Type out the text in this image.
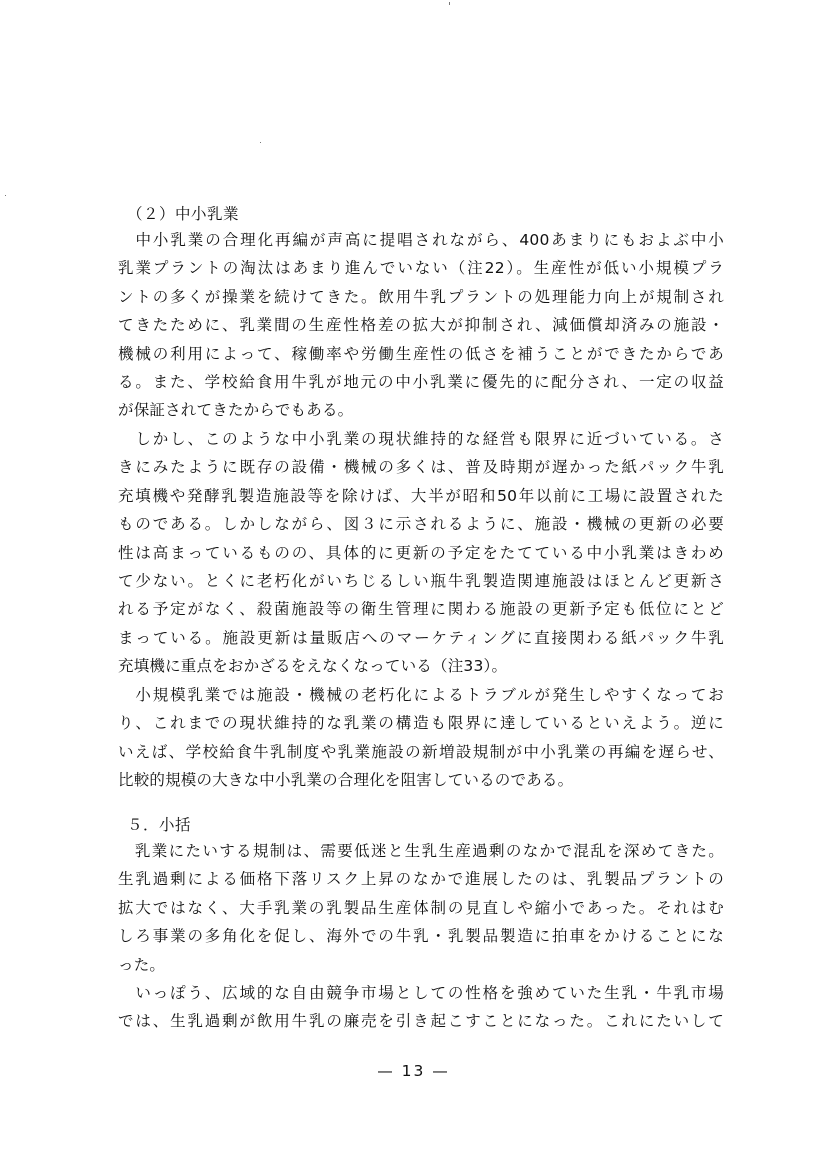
（２）中小乳業
　中小乳業の合理化再編が声高に提唱されながら、400あまりにもおよぶ中小
乳業プラントの淘汰はあまり進んでいない（注22）。生産性が低い小規模プラ
ントの多くが操業を続けてきた。飲用牛乳プラントの処理能力向上が規制され
てきたために、乳業間の生産性格差の拡大が抑制され、減価償却済みの施設・
機械の利用によって、稼働率や労働生産性の低さを補うことができたからであ
る。また、学校給食用牛乳が地元の中小乳業に優先的に配分され、一定の収益
が保証されてきたからでもある。
　しかし、このような中小乳業の現状維持的な経営も限界に近づいている。さ
きにみたように既存の設備・機械の多くは、普及時期が遅かった紙パック牛乳
充填機や発酵乳製造施設等を除けば、大半が昭和50年以前に工場に設置された
ものである。しかしながら、図３に示されるように、施設・機械の更新の必要
性は高まっているものの、具体的に更新の予定をたてている中小乳業はきわめ
て少ない。とくに老朽化がいちじるしい瓶牛乳製造関連施設はほとんど更新さ
れる予定がなく、殺菌施設等の衛生管理に関わる施設の更新予定も低位にとど
まっている。施設更新は量販店へのマーケティングに直接関わる紙パック牛乳
充填機に重点をおかざるをえなくなっている（注33）。
　小規模乳業では施設・機械の老朽化によるトラブルが発生しやすくなってお
り、これまでの現状維持的な乳業の構造も限界に達しているといえよう。逆に
いえば、学校給食牛乳制度や乳業施設の新増設規制が中小乳業の再編を遅らせ、
比較的規模の大きな中小乳業の合理化を阻害しているのである。
５．小括
　乳業にたいする規制は、需要低迷と生乳生産過剰のなかで混乱を深めてきた。
生乳過剰による価格下落リスク上昇のなかで進展したのは、乳製品プラントの
拡大ではなく、大手乳業の乳製品生産体制の見直しや縮小であった。それはむ
しろ事業の多角化を促し、海外での牛乳・乳製品製造に拍車をかけることにな
った。
　いっぽう、広域的な自由競争市場としての性格を強めていた生乳・牛乳市場
では、生乳過剰が飲用牛乳の廉売を引き起こすことになった。これにたいして
— 13 —
